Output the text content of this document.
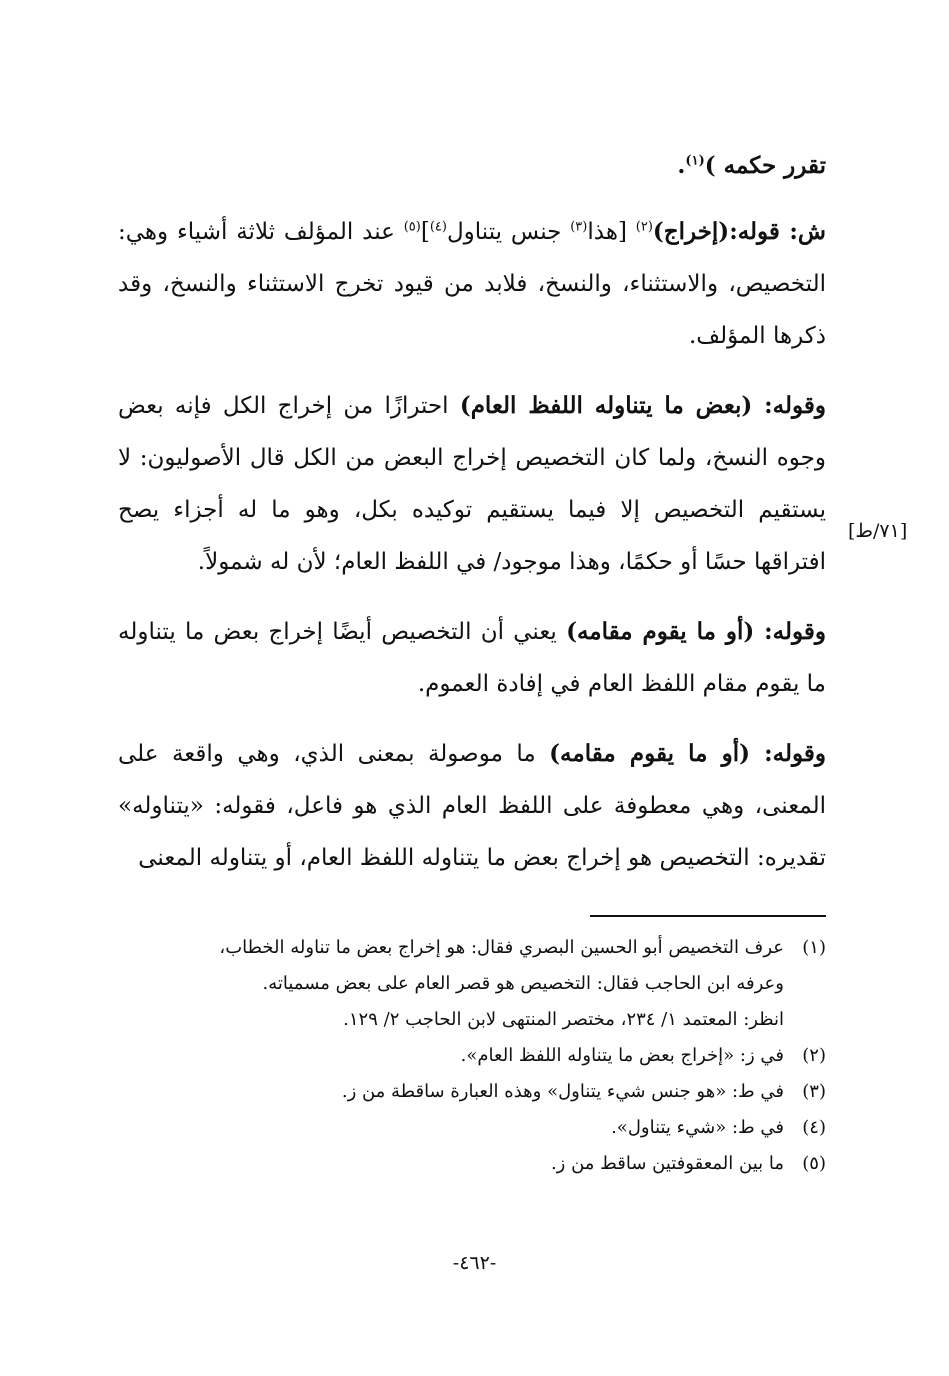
تقرر حكمه )$^{(١)}$.

ش: قوله:(إخراج)$^{(٢)}$ [هذا$^{(٣)}$ جنس يتناول$^{(٤)}$]$^{(٥)}$ عند المؤلف ثلاثة أشياء وهي: التخصيص، والاستثناء، والنسخ، فلابد من قيود تخرج الاستثناء والنسخ، وقد ذكرها المؤلف.

وقوله: (بعض ما يتناوله اللفظ العام) احترازًا من إخراج الكل فإنه بعض وجوه النسخ، ولما كان التخصيص إخراج البعض من الكل قال الأصوليون: لا يستقيم التخصيص إلا فيما يستقيم توكيده بكل، وهو ما له أجزاء يصح افتراقها حسًا أو حكمًا، وهذا موجود/ في اللفظ العام؛ لأن له شمولاً.

وقوله: (أو ما يقوم مقامه) يعني أن التخصيص أيضًا إخراج بعض ما يتناوله ما يقوم مقام اللفظ العام في إفادة العموم.

وقوله: (أو ما يقوم مقامه) ما موصولة بمعنى الذي، وهي واقعة على المعنى، وهي معطوفة على اللفظ العام الذي هو فاعل، فقوله: «يتناوله» تقديره: التخصيص هو إخراج بعض ما يتناوله اللفظ العام، أو يتناوله المعنى

[٧١/ط]

(١)عرف التخصيص أبو الحسين البصري فقال: هو إخراج بعض ما تناوله الخطاب،

وعرفه ابن الحاجب فقال: التخصيص هو قصر العام على بعض مسمياته.

انظر: المعتمد ١/ ٢٣٤، مختصر المنتهى لابن الحاجب ٢/ ١٢٩.

(٢)في ز: «إخراج بعض ما يتناوله اللفظ العام».

(٣)في ط: «هو جنس شيء يتناول» وهذه العبارة ساقطة من ز.

(٤)في ط: «شيء يتناول».

(٥)ما بين المعقوفتين ساقط من ز.

-٤٦٢-
